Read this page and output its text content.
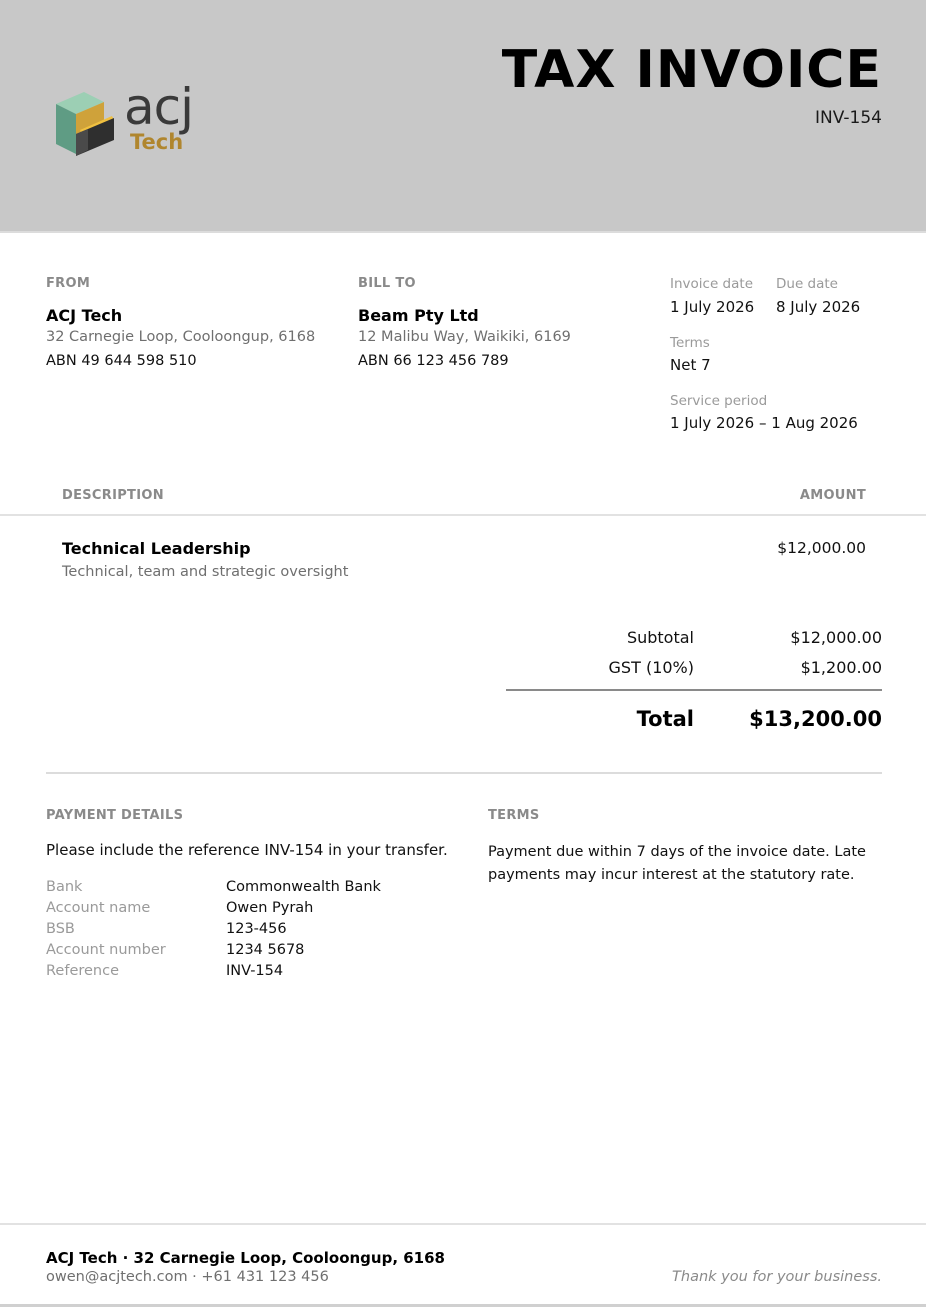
acj
Tech
TAX INVOICE
INV-154
FROM
ACJ Tech
32 Carnegie Loop, Cooloongup, 6168
ABN 49 644 598 510
BILL TO
Beam Pty Ltd
12 Malibu Way, Waikiki, 6169
ABN 66 123 456 789
Invoice date
1 July 2026
Due date
8 July 2026
Terms
Net 7
Service period
1 July 2026 – 1 Aug 2026
DESCRIPTION	AMOUNT
Technical Leadership
Technical, team and strategic oversight
$12,000.00
Subtotal	$12,000.00
GST (10%)	$1,200.00
Total	$13,200.00
PAYMENT DETAILS
Please include the reference INV-154 in your transfer.
Bank	Commonwealth Bank
Account name	Owen Pyrah
BSB	123-456
Account number	1234 5678
Reference	INV-154
TERMS
Payment due within 7 days of the invoice date. Late payments may incur interest at the statutory rate.
ACJ Tech · 32 Carnegie Loop, Cooloongup, 6168
owen@acjtech.com · +61 431 123 456	Thank you for your business.
